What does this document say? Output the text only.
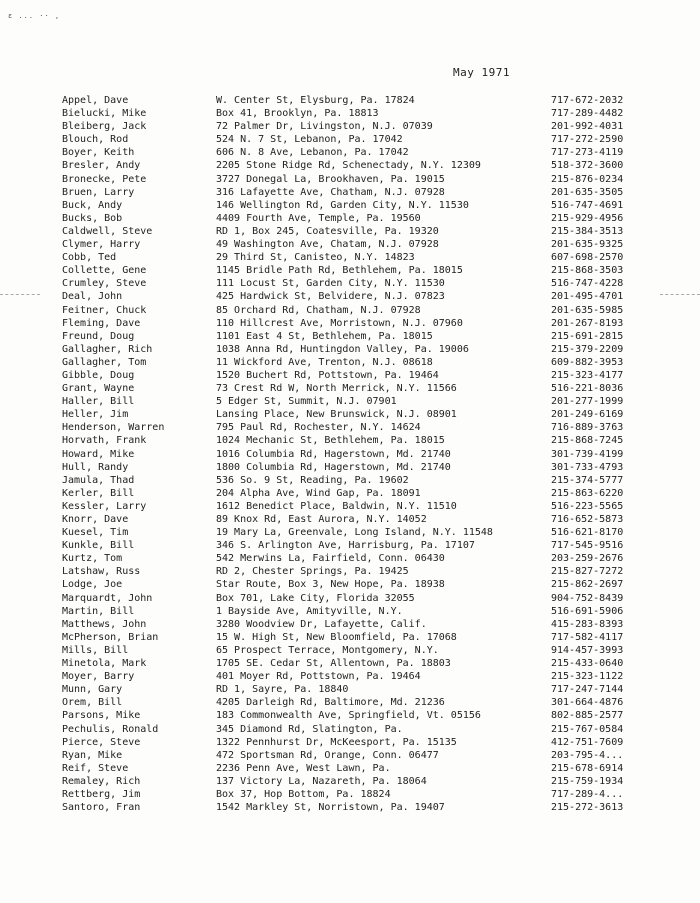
ε ... ·· ,
May 1971
Appel, Dave	W. Center St, Elysburg, Pa. 17824	717-672-2032
Bielucki, Mike	Box 41, Brooklyn, Pa. 18813	717-289-4482
Bleiberg, Jack	72 Palmer Dr, Livingston, N.J. 07039	201-992-4031
Blouch, Rod	524 N. 7 St, Lebanon, Pa. 17042	717-272-2590
Boyer, Keith	606 N. 8 Ave, Lebanon, Pa. 17042	717-273-4119
Bresler, Andy	2205 Stone Ridge Rd, Schenectady, N.Y. 12309	518-372-3600
Bronecke, Pete	3727 Donegal La, Brookhaven, Pa. 19015	215-876-0234
Bruen, Larry	316 Lafayette Ave, Chatham, N.J. 07928	201-635-3505
Buck, Andy	146 Wellington Rd, Garden City, N.Y. 11530	516-747-4691
Bucks, Bob	4409 Fourth Ave, Temple, Pa. 19560	215-929-4956
Caldwell, Steve	RD 1, Box 245, Coatesville, Pa. 19320	215-384-3513
Clymer, Harry	49 Washington Ave, Chatam, N.J. 07928	201-635-9325
Cobb, Ted	29 Third St, Canisteo, N.Y. 14823	607-698-2570
Collette, Gene	1145 Bridle Path Rd, Bethlehem, Pa. 18015	215-868-3503
Crumley, Steve	111 Locust St, Garden City, N.Y. 11530	516-747-4228
Deal, John	425 Hardwick St, Belvidere, N.J. 07823	201-495-4701
Feitner, Chuck	85 Orchard Rd, Chatham, N.J. 07928	201-635-5985
Fleming, Dave	110 Hillcrest Ave, Morristown, N.J. 07960	201-267-8193
Freund, Doug	1101 East 4 St, Bethlehem, Pa. 18015	215-691-2815
Gallagher, Rich	1038 Anna Rd, Huntingdon Valley, Pa. 19006	215-379-2209
Gallagher, Tom	11 Wickford Ave, Trenton, N.J. 08618	609-882-3953
Gibble, Doug	1520 Buchert Rd, Pottstown, Pa. 19464	215-323-4177
Grant, Wayne	73 Crest Rd W, North Merrick, N.Y. 11566	516-221-8036
Haller, Bill	5 Edger St, Summit, N.J. 07901	201-277-1999
Heller, Jim	Lansing Place, New Brunswick, N.J. 08901	201-249-6169
Henderson, Warren	795 Paul Rd, Rochester, N.Y. 14624	716-889-3763
Horvath, Frank	1024 Mechanic St, Bethlehem, Pa. 18015	215-868-7245
Howard, Mike	1016 Columbia Rd, Hagerstown, Md. 21740	301-739-4199
Hull, Randy	1800 Columbia Rd, Hagerstown, Md. 21740	301-733-4793
Jamula, Thad	536 So. 9 St, Reading, Pa. 19602	215-374-5777
Kerler, Bill	204 Alpha Ave, Wind Gap, Pa. 18091	215-863-6220
Kessler, Larry	1612 Benedict Place, Baldwin, N.Y. 11510	516-223-5565
Knorr, Dave	89 Knox Rd, East Aurora, N.Y. 14052	716-652-5873
Kuesel, Tim	19 Mary La, Greenvale, Long Island, N.Y. 11548	516-621-8170
Kunkle, Bill	346 S. Arlington Ave, Harrisburg, Pa. 17107	717-545-9516
Kurtz, Tom	542 Merwins La, Fairfield, Conn. 06430	203-259-2676
Latshaw, Russ	RD 2, Chester Springs, Pa. 19425	215-827-7272
Lodge, Joe	Star Route, Box 3, New Hope, Pa. 18938	215-862-2697
Marquardt, John	Box 701, Lake City, Florida 32055	904-752-8439
Martin, Bill	1 Bayside Ave, Amityville, N.Y.	516-691-5906
Matthews, John	3280 Woodview Dr, Lafayette, Calif.	415-283-8393
McPherson, Brian	15 W. High St, New Bloomfield, Pa. 17068	717-582-4117
Mills, Bill	65 Prospect Terrace, Montgomery, N.Y.	914-457-3993
Minetola, Mark	1705 SE. Cedar St, Allentown, Pa. 18803	215-433-0640
Moyer, Barry	401 Moyer Rd, Pottstown, Pa. 19464	215-323-1122
Munn, Gary	RD 1, Sayre, Pa. 18840	717-247-7144
Orem, Bill	4205 Darleigh Rd, Baltimore, Md. 21236	301-664-4876
Parsons, Mike	183 Commonwealth Ave, Springfield, Vt. 05156	802-885-2577
Pechulis, Ronald	345 Diamond Rd, Slatington, Pa.	215-767-0584
Pierce, Steve	1322 Pennhurst Dr, McKeesport, Pa. 15135	412-751-7609
Ryan, Mike	472 Sportsman Rd, Orange, Conn. 06477	203-795-4...
Reif, Steve	2236 Penn Ave, West Lawn, Pa.	215-678-6914
Remaley, Rich	137 Victory La, Nazareth, Pa. 18064	215-759-1934
Rettberg, Jim	Box 37, Hop Bottom, Pa. 18824	717-289-4...
Santoro, Fran	1542 Markley St, Norristown, Pa. 19407	215-272-3613
